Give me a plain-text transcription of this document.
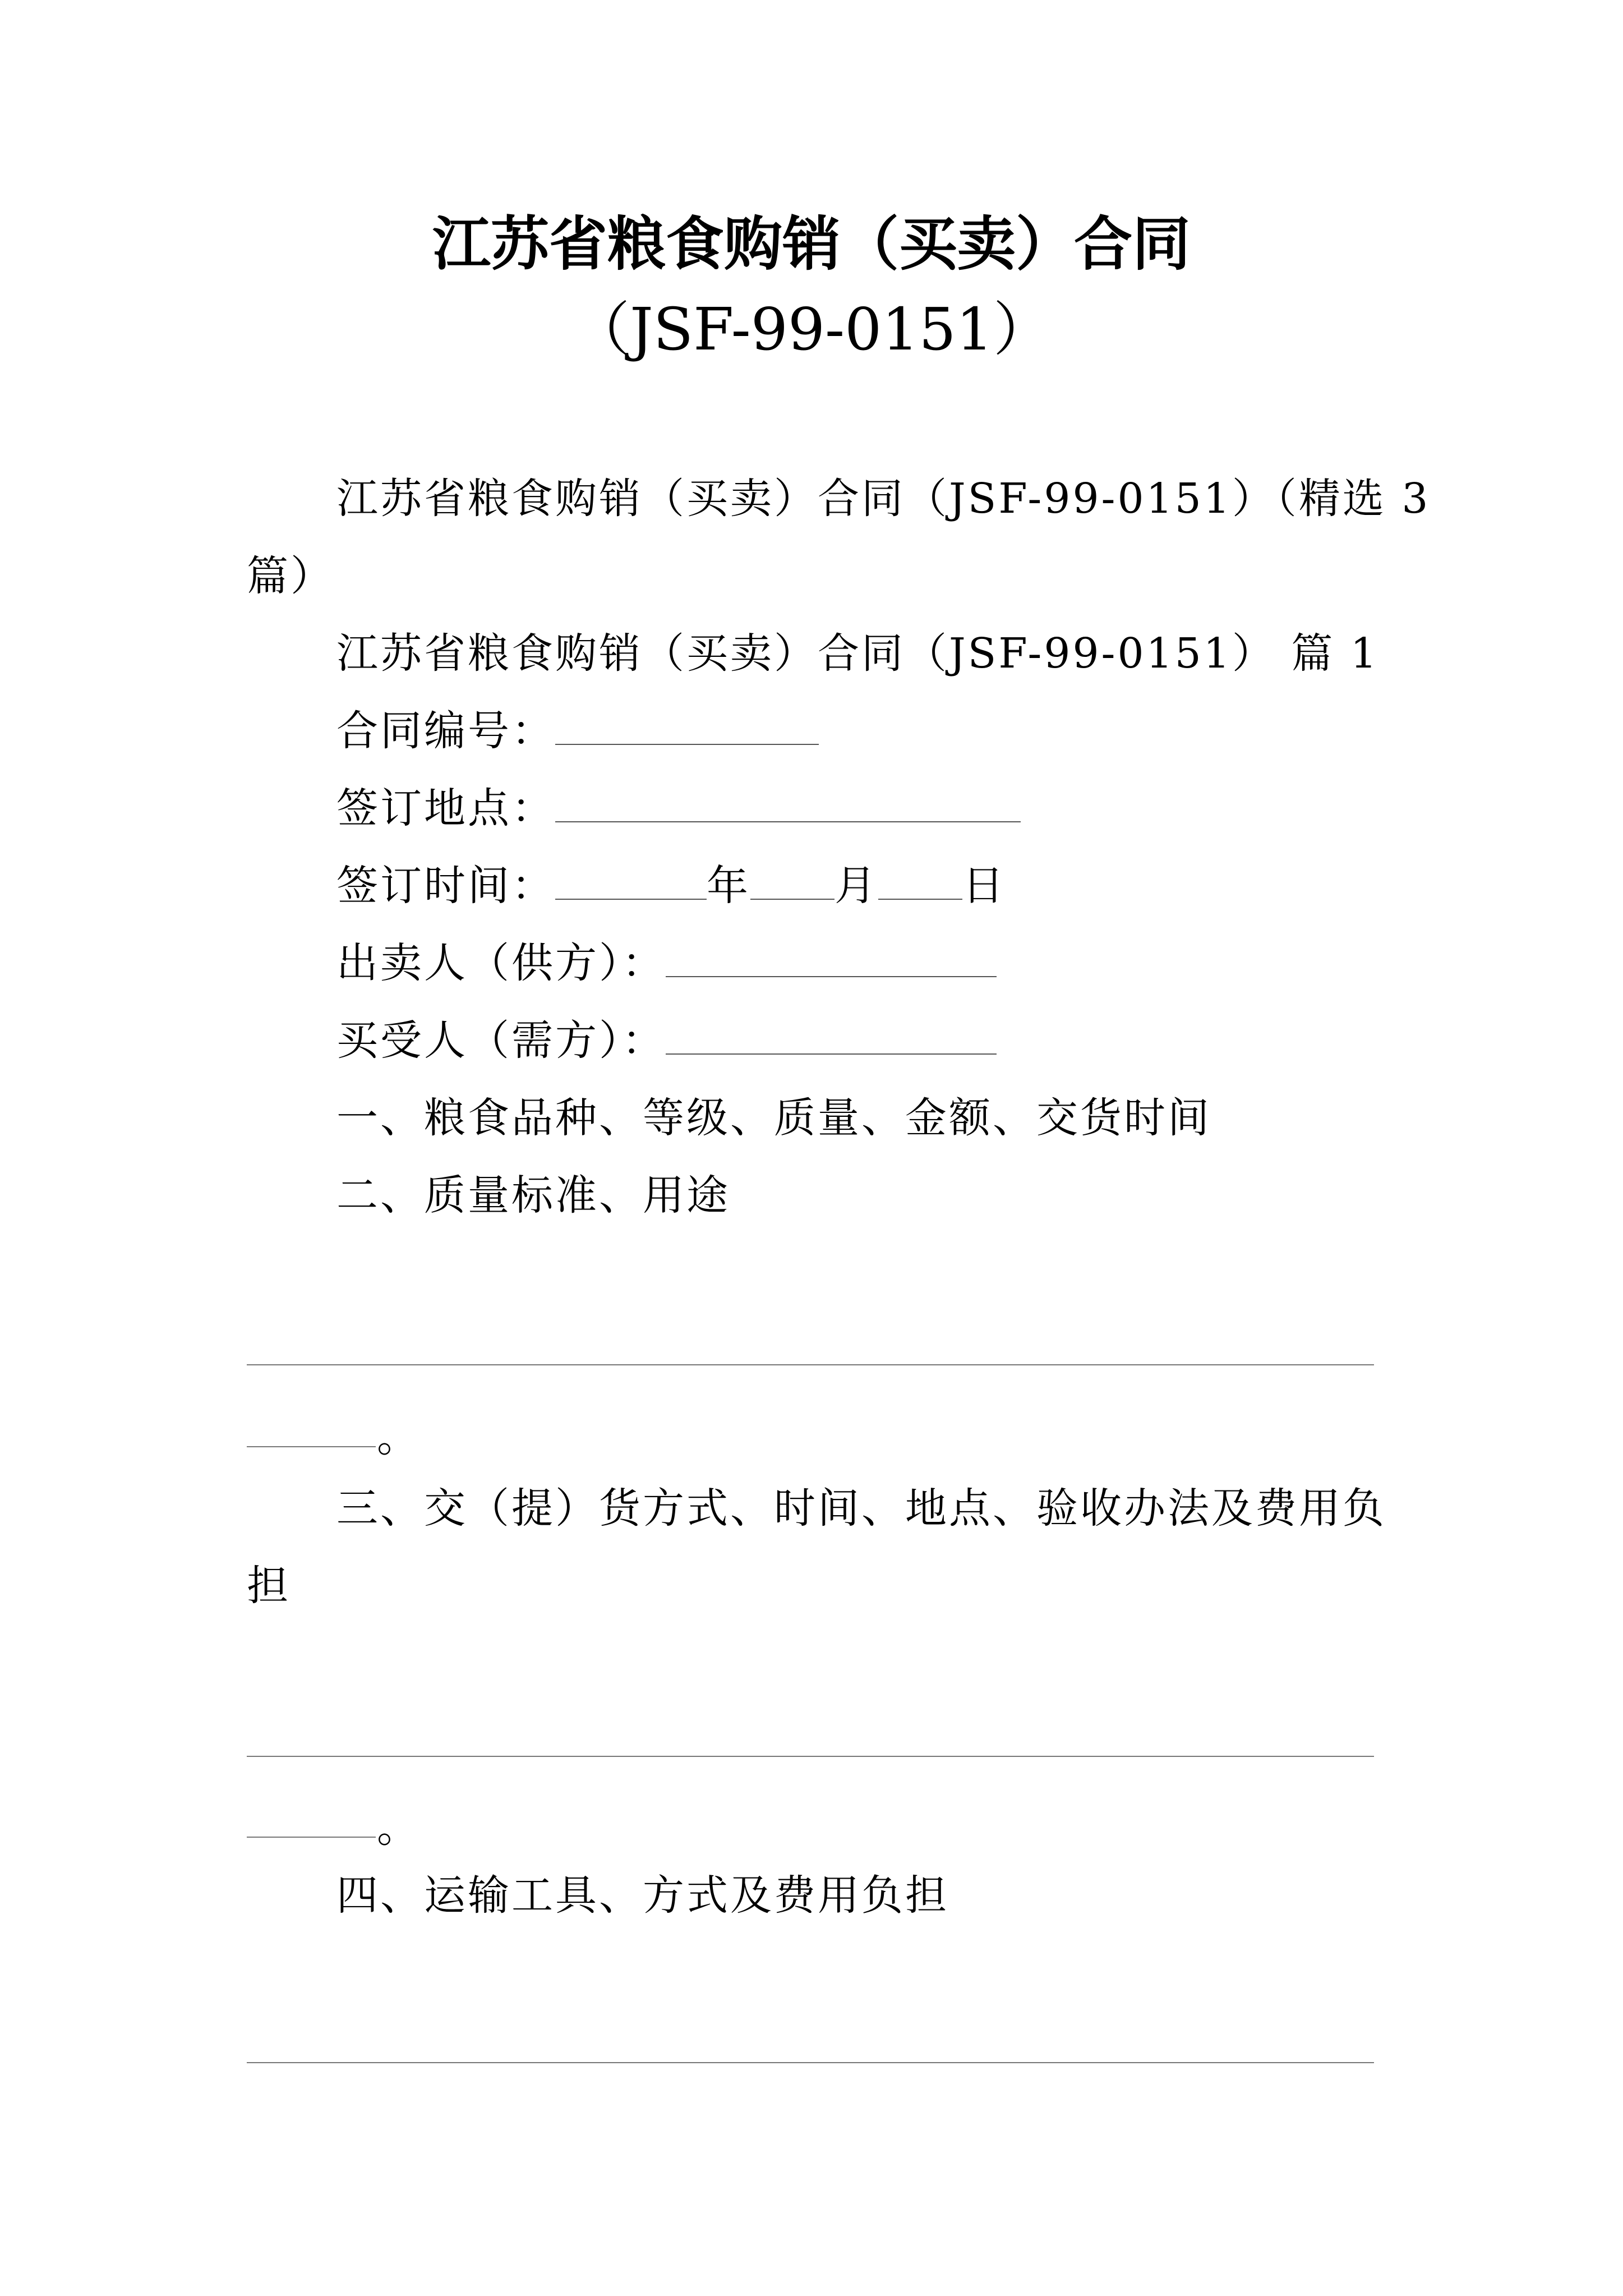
江苏省粮食购销（买卖）合同
（JSF-99-0151）
江苏省粮食购销（买卖）合同（JSF-99-0151）（精选 3
篇）
江苏省粮食购销（买卖）合同（JSF-99-0151） 篇 1
合同编号：
签订地点：
签订时间：	年 月 日
出卖人（供方）：
买受人（需方）：
一、粮食品种、等级、质量、金额、交货时间
二、质量标准、用途
。
三、交（提）货方式、时间、地点、验收办法及费用负
担
。
四、运输工具、方式及费用负担
